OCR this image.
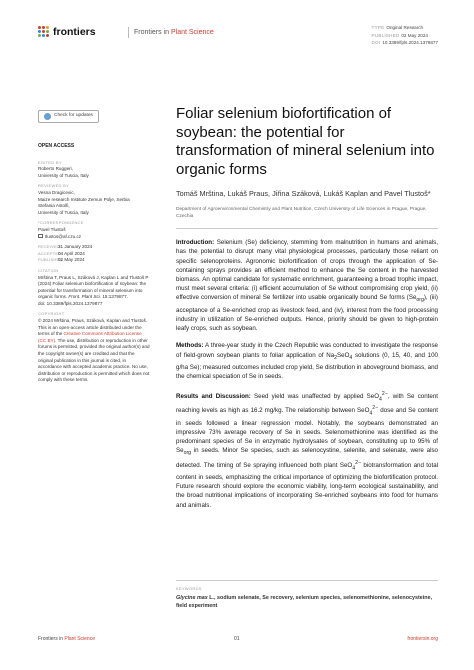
frontiers	Frontiers in Plant Science
TYPE Original Research
PUBLISHED 02 May 2024
DOI 10.3389/fpls.2024.1379877
Check for updates
OPEN ACCESS
EDITED BY
Roberto Ruggeri,
University of Tuscia, Italy
REVIEWED BY
Vesna Dragicevic,
Maize research Institute Zemun Polje, Serbia
Stefania Astolfi,
University of Tuscia, Italy
*CORRESPONDENCE
Pavel Tlustoš
tlustos@af.czu.cz
RECEIVED
31 January 2024
ACCEPTED
04 April 2024
PUBLISHED
02 May 2024
CITATION
Mrština T, Praus L, Száková J, Kaplan L and Tlustoš P (2024) Foliar selenium biofortification of soybean: the potential for transformation of mineral selenium into organic forms. Front. Plant Sci. 15:1379877.
doi: 10.3389/fpls.2024.1379877
COPYRIGHT
© 2024 Mrština, Praus, Száková, Kaplan and Tlustoš. This is an open-access article distributed under the terms of the Creative Commons Attribution License (CC BY). The use, distribution or reproduction in other forums is permitted, provided the original author(s) and the copyright owner(s) are credited and that the original publication in this journal is cited, in accordance with accepted academic practice. No use, distribution or reproduction is permitted which does not comply with these terms.
Foliar selenium biofortification of soybean: the potential for transformation of mineral selenium into organic forms
Tomáš Mrština, Lukáš Praus, Jiřina Száková, Lukáš Kaplan and Pavel Tlustoš*
Department of Agroenvironmental Chemistry and Plant Nutrition, Czech University of Life Sciences in Prague, Prague, Czechia

Introduction: Selenium (Se) deficiency, stemming from malnutrition in humans and animals, has the potential to disrupt many vital physiological processes, particularly those reliant on specific selenoproteins. Agronomic biofortification of crops through the application of Se-containing sprays provides an efficient method to enhance the Se content in the harvested biomass. An optimal candidate for systematic enrichment, guaranteeing a broad trophic impact, must meet several criteria: (i) efficient accumulation of Se without compromising crop yield, (ii) effective conversion of mineral Se fertilizer into usable organically bound Se forms $(Se_{org})$, (iii) acceptance of a Se-enriched crop as livestock feed, and (iv), interest from the food processing industry in utilization of Se-enriched outputs. Hence, priority should be given to high-protein leafy crops, such as soybean.

Methods: A three-year study in the Czech Republic was conducted to investigate the response of field-grown soybean plants to foliar application of $Na_2SeO_4$ solutions (0, 15, 40, and 100 g/ha Se); measured outcomes included crop yield, Se distribution in aboveground biomass, and the chemical speciation of Se in seeds.

Results and Discussion: Seed yield was unaffected by applied SeO$_4^{2-}$, with Se content reaching levels as high as 16.2 mg/kg. The relationship between SeO$_4^{2-}$ dose and Se content in seeds followed a linear regression model. Notably, the soybeans demonstrated an impressive 73% average recovery of Se in seeds. Selenomethionine was identified as the predominant species of Se in enzymatic hydrolysates of soybean, constituting up to 95% of $Se_{org}$ in seeds. Minor Se species, such as selenocystine, selenite, and selenate, were also detected. The timing of Se spraying influenced both plant SeO$_4^{2-}$ biotransformation and total content in seeds, emphasizing the critical importance of optimizing the biofortification protocol. Future research should explore the economic viability, long-term ecological sustainability, and the broad nutritional implications of incorporating Se-enriched soybeans into food for humans and animals.

KEYWORDS
Glycine max L., sodium selenate, Se recovery, selenium species, selenomethionine, selenocysteine, field experiment
Frontiers in Plant Science	01	frontiersin.org
